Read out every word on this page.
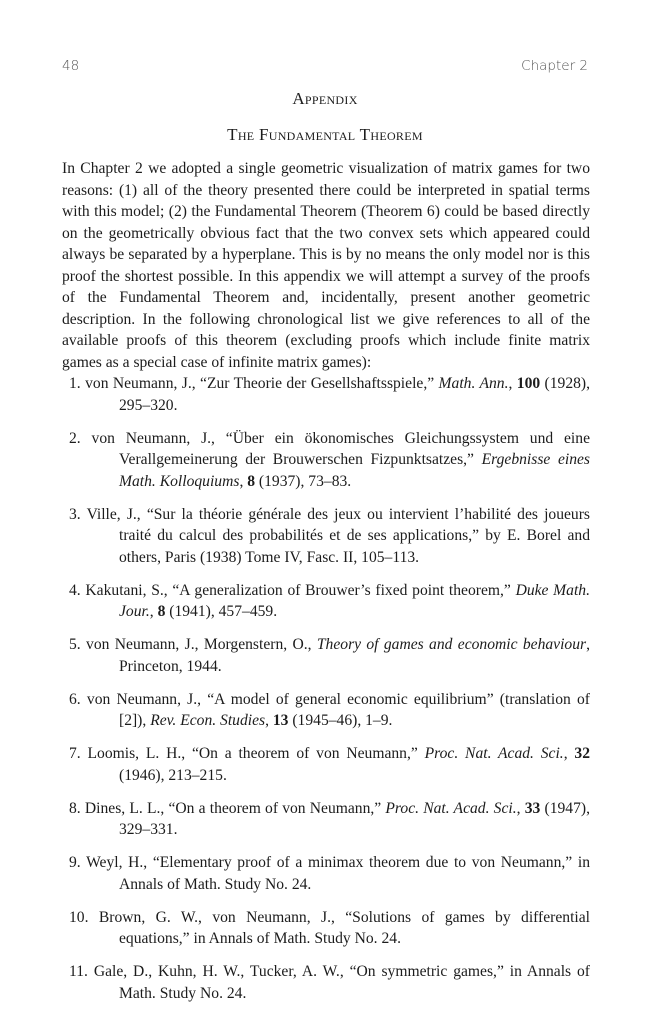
48	Chapter 2
Appendix
The Fundamental Theorem

In Chapter 2 we adopted a single geometric visualization of matrix games for two reasons: (1) all of the theory presented there could be interpreted in spatial terms with this model; (2) the Fundamental Theorem (Theorem 6) could be based directly on the geometrically obvious fact that the two convex sets which appeared could always be separated by a hyperplane. This is by no means the only model nor is this proof the shortest possible. In this appendix we will attempt a survey of the proofs of the Fundamental Theorem and, incidentally, present another geometric description. In the following chronological list we give references to all of the available proofs of this theorem (excluding proofs which include finite matrix games as a special case of infinite matrix games):

1. von Neumann, J., “Zur Theorie der Gesellshaftsspiele,” Math. Ann., 100 (1928), 295–320.
2. von Neumann, J., “Über ein ökonomisches Gleichungssystem und eine Verallgemeinerung der Brouwerschen Fizpunktsatzes,” Ergebnisse eines Math. Kolloquiums, 8 (1937), 73–83.
3. Ville, J., “Sur la théorie générale des jeux ou intervient l’habilité des joueurs traité du calcul des probabilités et de ses applications,” by E. Borel and others, Paris (1938) Tome IV, Fasc. II, 105–113.
4. Kakutani, S., “A generalization of Brouwer’s fixed point theorem,” Duke Math. Jour., 8 (1941), 457–459.
5. von Neumann, J., Morgenstern, O., Theory of games and economic behaviour, Princeton, 1944.
6. von Neumann, J., “A model of general economic equilibrium” (translation of [2]), Rev. Econ. Studies, 13 (1945–46), 1–9.
7. Loomis, L. H., “On a theorem of von Neumann,” Proc. Nat. Acad. Sci., 32 (1946), 213–215.
8. Dines, L. L., “On a theorem of von Neumann,” Proc. Nat. Acad. Sci., 33 (1947), 329–331.
9. Weyl, H., “Elementary proof of a minimax theorem due to von Neumann,” in Annals of Math. Study No. 24.
10. Brown, G. W., von Neumann, J., “Solutions of games by differential equations,” in Annals of Math. Study No. 24.
11. Gale, D., Kuhn, H. W., Tucker, A. W., “On symmetric games,” in Annals of Math. Study No. 24.
